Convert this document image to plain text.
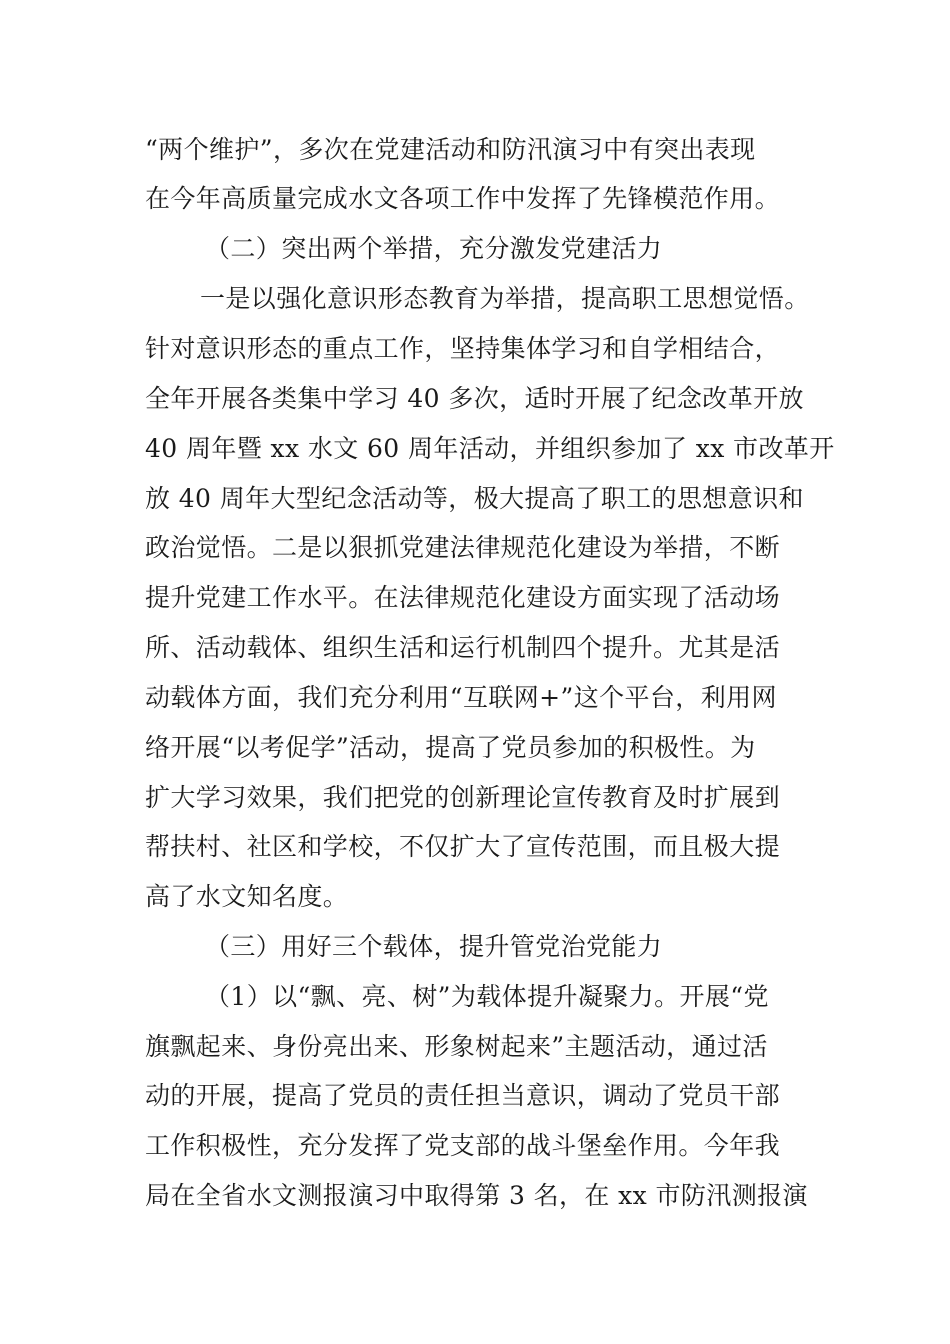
“两个维护”，多次在党建活动和防汛演习中有突出表现
在今年高质量完成水文各项工作中发挥了先锋模范作用。
（二）突出两个举措，充分激发党建活力
一是以强化意识形态教育为举措，提高职工思想觉悟。
针对意识形态的重点工作，坚持集体学习和自学相结合，
全年开展各类集中学习 40 多次，适时开展了纪念改革开放
40 周年暨 xx 水文 60 周年活动，并组织参加了 xx 市改革开
放 40 周年大型纪念活动等，极大提高了职工的思想意识和
政治觉悟。二是以狠抓党建法律规范化建设为举措，不断
提升党建工作水平。在法律规范化建设方面实现了活动场
所、活动载体、组织生活和运行机制四个提升。尤其是活
动载体方面，我们充分利用“互联网+”这个平台，利用网
络开展“以考促学”活动，提高了党员参加的积极性。为
扩大学习效果，我们把党的创新理论宣传教育及时扩展到
帮扶村、社区和学校，不仅扩大了宣传范围，而且极大提
高了水文知名度。
（三）用好三个载体，提升管党治党能力
（1）以“飘、亮、树”为载体提升凝聚力。开展“党
旗飘起来、身份亮出来、形象树起来”主题活动，通过活
动的开展，提高了党员的责任担当意识，调动了党员干部
工作积极性，充分发挥了党支部的战斗堡垒作用。今年我
局在全省水文测报演习中取得第 3 名，在 xx 市防汛测报演
